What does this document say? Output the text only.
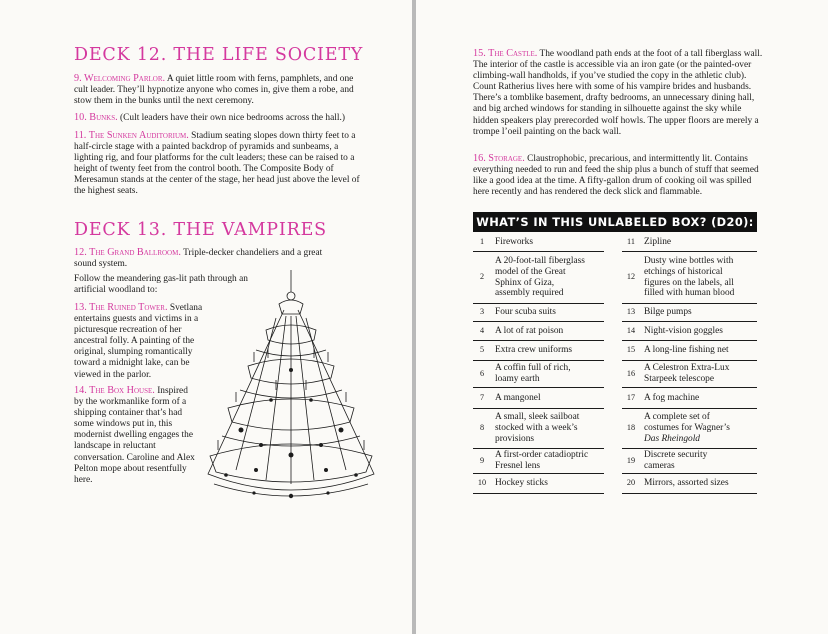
DECK 12. THE LIFE SOCIETY

9. Welcoming Parlor. A quiet little room with ferns, pamphlets, and one cult leader. They’ll hypnotize anyone who comes in, give them a robe, and stow them in the bunks until the next ceremony.

10. Bunks. (Cult leaders have their own nice bedrooms across the hall.)

11. The Sunken Auditorium. Stadium seating slopes down thirty feet to a half-circle stage with a painted backdrop of pyramids and sunbeams, a lighting rig, and four platforms for the cult leaders; these can be raised to a height of twenty feet from the control booth. The Composite Body of Meresamun stands at the center of the stage, her head just above the level of the highest seats.

DECK 13. THE VAMPIRES

12. The Grand Ballroom. Triple-decker chandeliers and a great sound system.

Follow the meandering gas-lit path through an artificial woodland to:

13. The Ruined Tower. Svetlana entertains guests and victims in a picturesque recreation of her ancestral folly. A painting of the original, slumping romantically toward a midnight lake, can be viewed in the parlor.

14. The Box House. Inspired by the workmanlike form of a shipping container that’s had some windows put in, this modernist dwelling engages the landscape in reluctant conversation. Caroline and Alex Pelton mope about resentfully here.

15. The Castle. The woodland path ends at the foot of a tall fiberglass wall. The interior of the castle is accessible via an iron gate (or the painted-over climbing-wall handholds, if you’ve studied the copy in the athletic club). Count Ratherius lives here with some of his vampire brides and husbands. There’s a tomblike basement, drafty bedrooms, an unnecessary dining hall, and big arched windows for standing in silhouette against the sky while hidden speakers play prerecorded wolf howls. The upper floors are merely a trompe l’oeil painting on the back wall.

16. Storage. Claustrophobic, precarious, and intermittently lit. Contains everything needed to run and feed the ship plus a bunch of stuff that seemed like a good idea at the time. A fifty-gallon drum of cooking oil was spilled here recently and has rendered the deck slick and flammable.

WHAT’S IN THIS UNLABELED BOX? (D20):
1	Fireworks
2
A 20-foot-tall fiberglass
model of the Great
Sphinx of Giza,
assembly required
3	Four scuba suits
4	A lot of rat poison
5	Extra crew uniforms
6	A coffin full of rich,
loamy earth
7	A mangonel
8
A small, sleek sailboat
stocked with a week’s
provisions
9	A first-order catadioptric
Fresnel lens
10 Hockey sticks
11 Zipline
12
Dusty wine bottles with
etchings of historical
figures on the labels, all
filled with human blood
13 Bilge pumps
14 Night-vision goggles
15 A long-line fishing net
16 A Celestron Extra-Lux
Starpeek telescope
17 A fog machine
18
A complete set of
costumes for Wagner’s
Das Rheingold
19 Discrete security
cameras
20 Mirrors, assorted sizes
